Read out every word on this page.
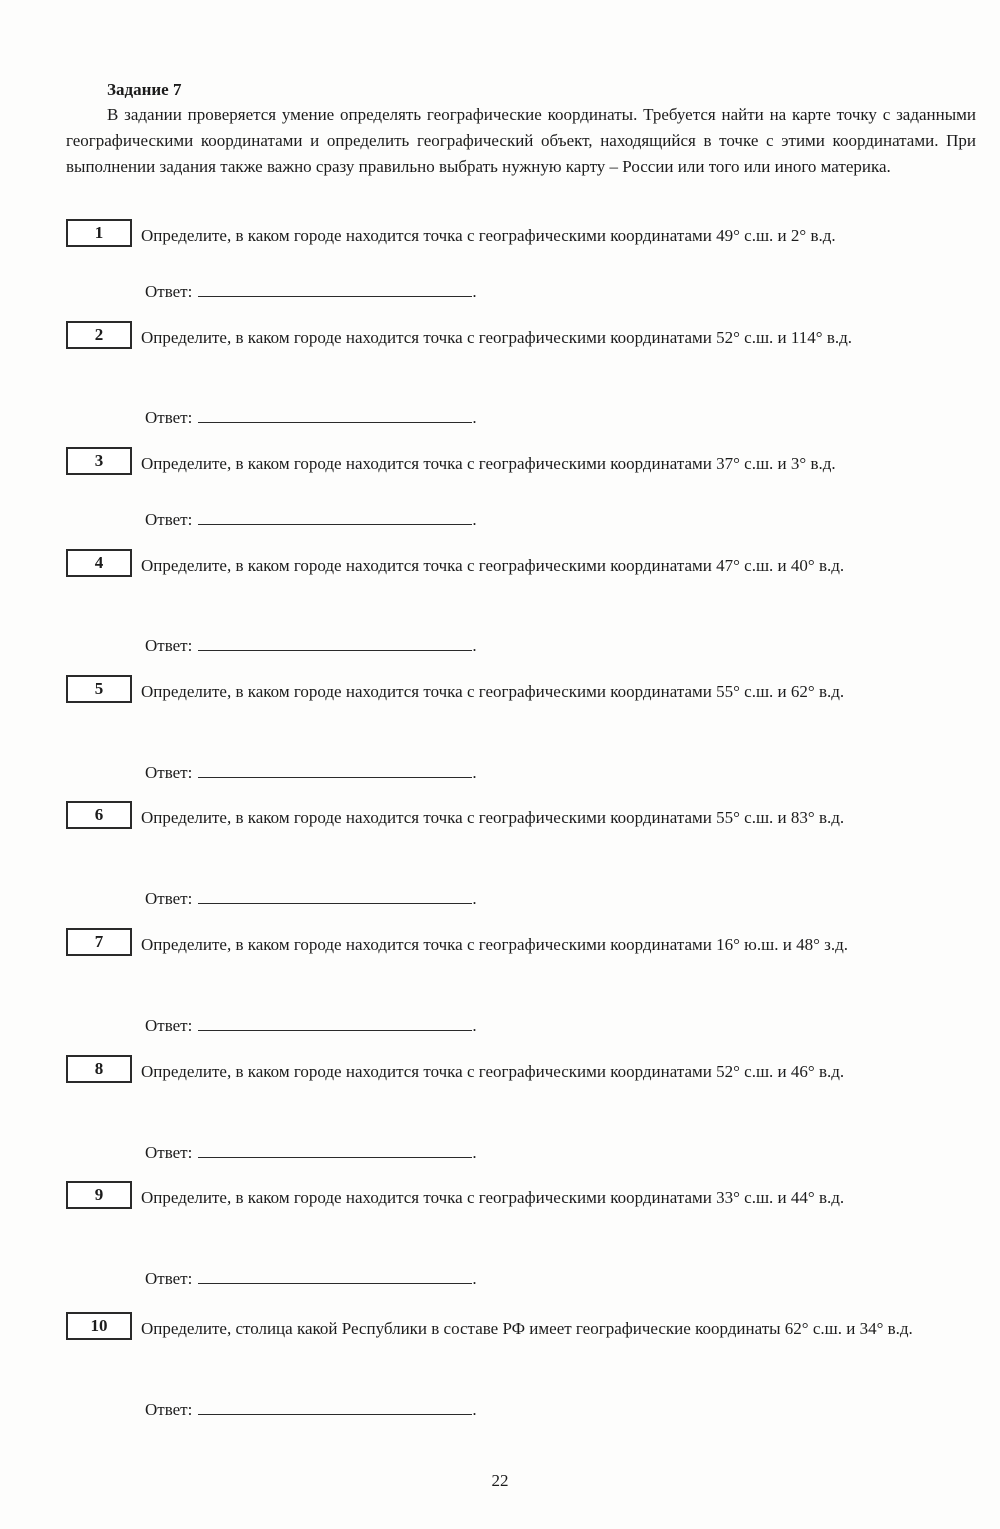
Задание 7

В задании проверяется умение определять географические координаты. Требуется найти на карте точку с заданными географическими координатами и определить географический объект, находящийся в точке с этими координатами. При выполнении задания также важно сразу правильно выбрать нужную карту – России или того или иного материка.

1	Определите, в каком городе находится точка с географическими координатами 49° с.ш. и 2° в.д.

Ответ:	.
2	Определите, в каком городе находится точка с географическими координатами 52° с.ш. и 114° в.д.

Ответ:	.
3	Определите, в каком городе находится точка с географическими координатами 37° с.ш. и 3° в.д.

Ответ:	.
4	Определите, в каком городе находится точка с географическими координатами 47° с.ш. и 40° в.д.

Ответ:	.
5	Определите, в каком городе находится точка с географическими координатами 55° с.ш. и 62° в.д.

Ответ:	.
6	Определите, в каком городе находится точка с географическими координатами 55° с.ш. и 83° в.д.

Ответ:	.
7	Определите, в каком городе находится точка с географическими координатами 16° ю.ш. и 48° з.д.

Ответ:	.
8	Определите, в каком городе находится точка с географическими координатами 52° с.ш. и 46° в.д.

Ответ:	.
9	Определите, в каком городе находится точка с географическими координатами 33° с.ш. и 44° в.д.

Ответ:	.
10	Определите, столица какой Республики в составе РФ имеет географические координаты 62° с.ш. и 34° в.д.

Ответ:	.
22
